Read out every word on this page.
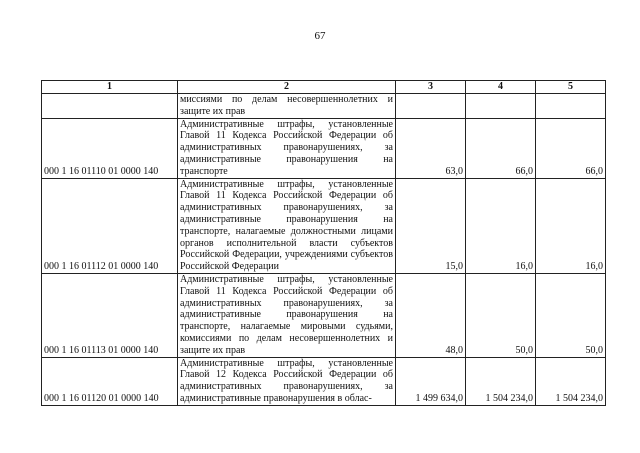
67
1	2	3	4	5
	миссиями по делам несовершеннолетних и защите их прав			
000 1 16 01110 01 0000 140	Административные штрафы, установленные Главой 11 Кодекса Российской Федерации об административных правонарушениях, за административные правонарушения на транспорте	63,0	66,0	66,0
000 1 16 01112 01 0000 140	Административные штрафы, установленные Главой 11 Кодекса Российской Федерации об административных правонарушениях, за административные правонарушения на транспорте, налагаемые должностными лицами органов исполнительной власти субъектов Российской Федерации, учреждениями субъектов Российской Федерации	15,0	16,0	16,0
000 1 16 01113 01 0000 140	Административные штрафы, установленные Главой 11 Кодекса Российской Федерации об административных правонарушениях, за административные правонарушения на транспорте, налагаемые мировыми судьями, комиссиями по делам несовершеннолетних и защите их прав	48,0	50,0	50,0
000 1 16 01120 01 0000 140	Административные штрафы, установленные Главой 12 Кодекса Российской Федерации об административных правонарушениях, за административные правонарушения в облас-	1 499 634,0	1 504 234,0	1 504 234,0
